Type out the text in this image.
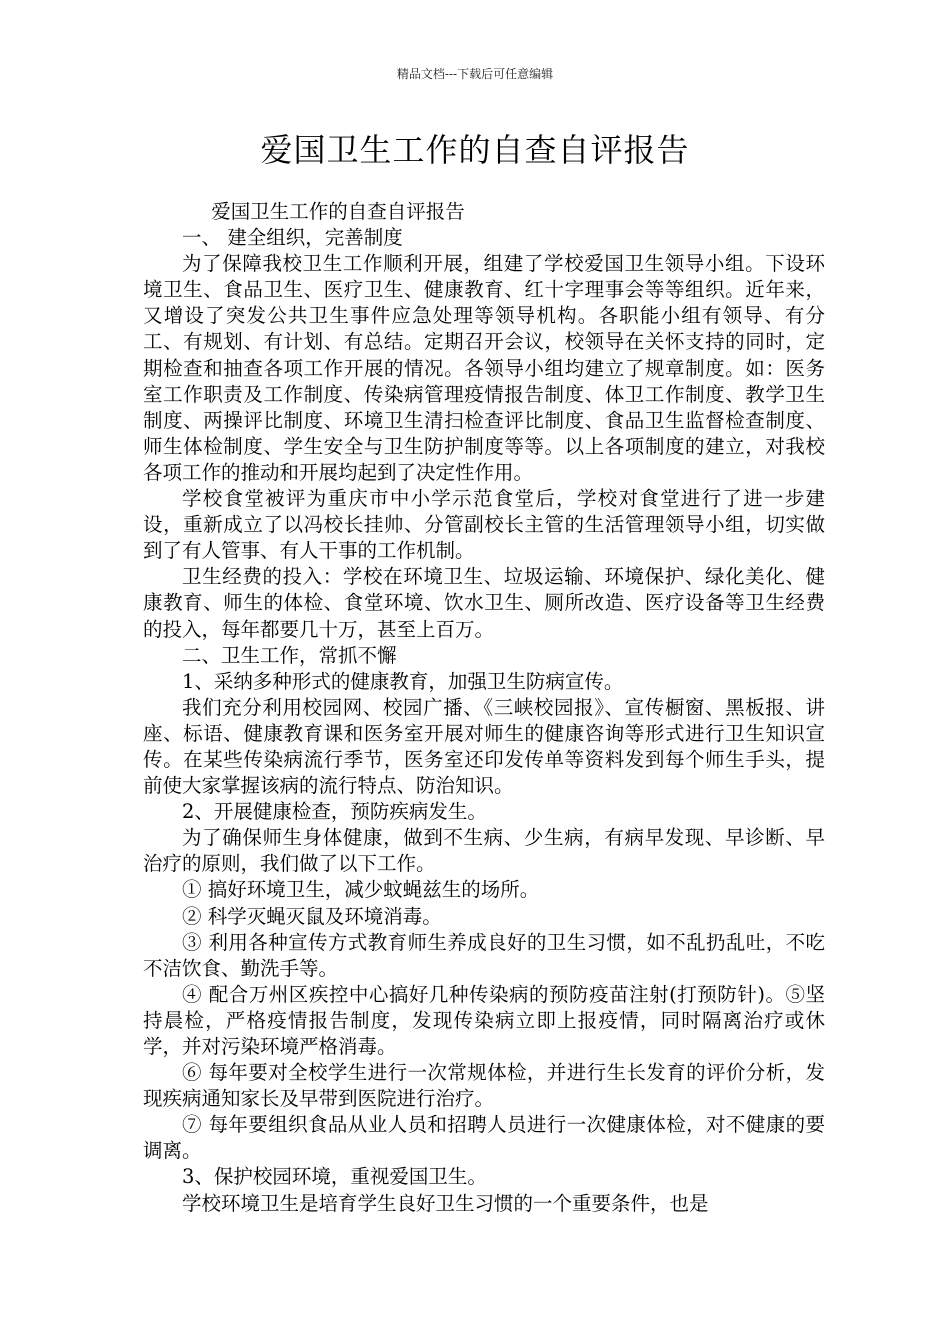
精品文档---下载后可任意编辑
爱国卫生工作的自查自评报告

爱国卫生工作的自查自评报告

一、 建全组织，完善制度

为了保障我校卫生工作顺利开展，组建了学校爱国卫生领导小组。下设环境卫生、食品卫生、医疗卫生、健康教育、红十字理事会等等组织。近年来，又增设了突发公共卫生事件应急处理等领导机构。各职能小组有领导、有分工、有规划、有计划、有总结。定期召开会议，校领导在关怀支持的同时，定期检查和抽查各项工作开展的情况。各领导小组均建立了规章制度。如：医务室工作职责及工作制度、传染病管理疫情报告制度、体卫工作制度、教学卫生制度、两操评比制度、环境卫生清扫检查评比制度、食品卫生监督检查制度、师生体检制度、学生安全与卫生防护制度等等。以上各项制度的建立，对我校各项工作的推动和开展均起到了决定性作用。

学校食堂被评为重庆市中小学示范食堂后，学校对食堂进行了进一步建设，重新成立了以冯校长挂帅、分管副校长主管的生活管理领导小组，切实做到了有人管事、有人干事的工作机制。

卫生经费的投入：学校在环境卫生、垃圾运输、环境保护、绿化美化、健康教育、师生的体检、食堂环境、饮水卫生、厕所改造、医疗设备等卫生经费的投入，每年都要几十万，甚至上百万。

二、卫生工作，常抓不懈

1、采纳多种形式的健康教育，加强卫生防病宣传。

我们充分利用校园网、校园广播、《三峡校园报》、宣传橱窗、黑板报、讲座、标语、健康教育课和医务室开展对师生的健康咨询等形式进行卫生知识宣传。在某些传染病流行季节，医务室还印发传单等资料发到每个师生手头，提前使大家掌握该病的流行特点、防治知识。

2、开展健康检查，预防疾病发生。

为了确保师生身体健康，做到不生病、少生病，有病早发现、早诊断、早治疗的原则，我们做了以下工作。

① 搞好环境卫生，减少蚊蝇兹生的场所。

② 科学灭蝇灭鼠及环境消毒。

③ 利用各种宣传方式教育师生养成良好的卫生习惯，如不乱扔乱吐，不吃不洁饮食、勤洗手等。

④ 配合万州区疾控中心搞好几种传染病的预防疫苗注射(打预防针)。⑤坚持晨检，严格疫情报告制度，发现传染病立即上报疫情，同时隔离治疗或休学，并对污染环境严格消毒。

⑥ 每年要对全校学生进行一次常规体检，并进行生长发育的评价分析，发现疾病通知家长及早带到医院进行治疗。

⑦ 每年要组织食品从业人员和招聘人员进行一次健康体检，对不健康的要调离。

3、保护校园环境，重视爱国卫生。

学校环境卫生是培育学生良好卫生习惯的一个重要条件，也是
